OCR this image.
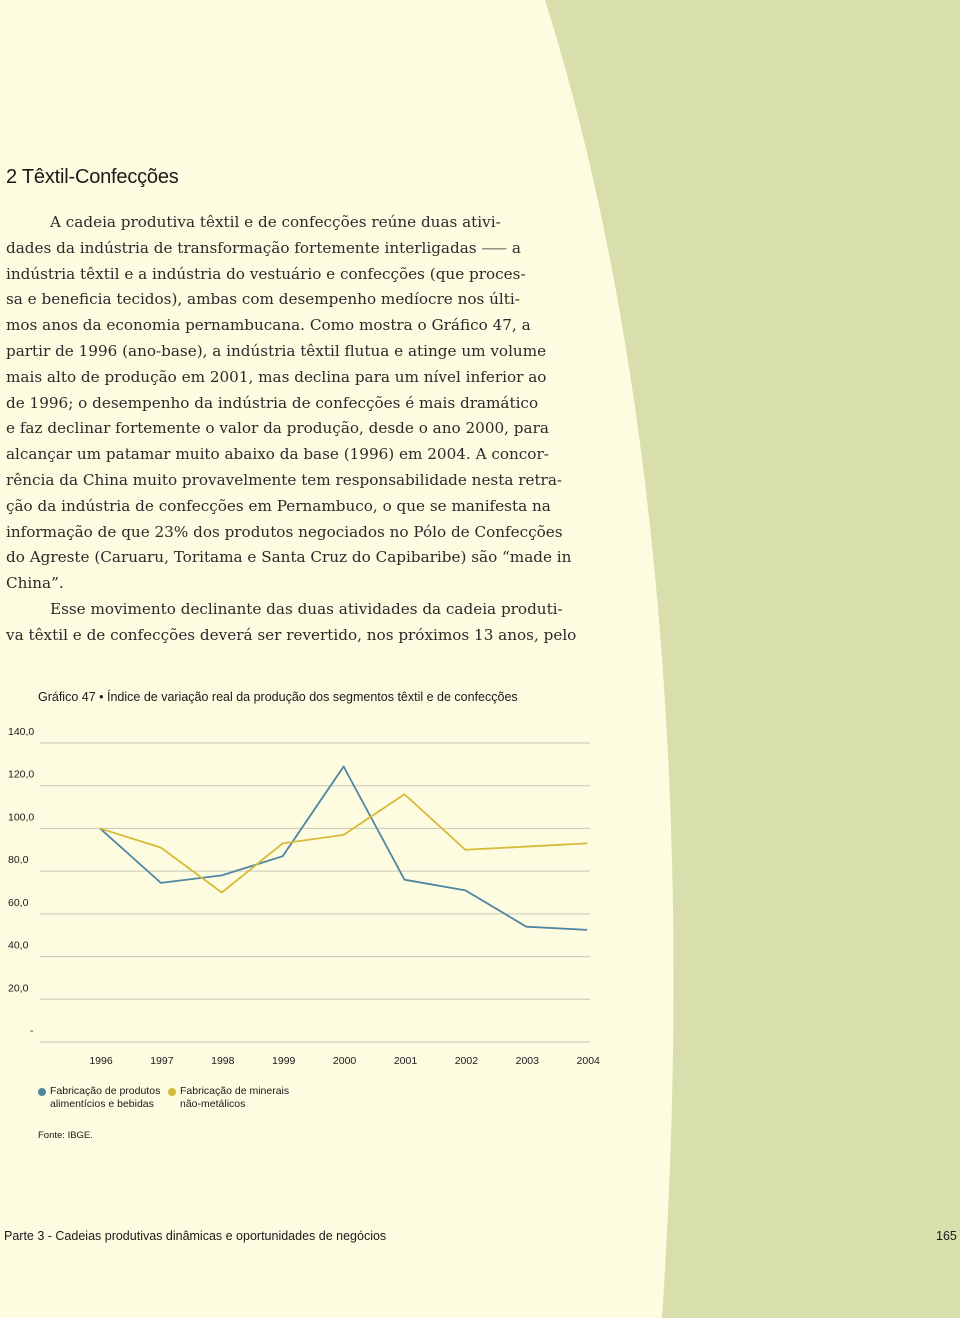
2 Têxtil-Confecções
A cadeia produtiva têxtil e de confecções reúne duas ativi-
dades da indústria de transformação fortemente interligadas ⸺ a
indústria têxtil e a indústria do vestuário e confecções (que proces-
sa e beneficia tecidos), ambas com desempenho medíocre nos últi-
mos anos da economia pernambucana. Como mostra o Gráfico 47, a
partir de 1996 (ano-base), a indústria têxtil flutua e atinge um volume
mais alto de produção em 2001, mas declina para um nível inferior ao
de 1996; o desempenho da indústria de confecções é mais dramático
e faz declinar fortemente o valor da produção, desde o ano 2000, para
alcançar um patamar muito abaixo da base (1996) em 2004. A concor-
rência da China muito provavelmente tem responsabilidade nesta retra-
ção da indústria de confecções em Pernambuco, o que se manifesta na
informação de que 23% dos produtos negociados no Pólo de Confecções
do Agreste (Caruaru, Toritama e Santa Cruz do Capibaribe) são “made in
China”.
Esse movimento declinante das duas atividades da cadeia produti-
va têxtil e de confecções deverá ser revertido, nos próximos 13 anos, pelo
Gráfico 47 • Índice de variação real da produção dos segmentos têxtil e de confecções
-
20,0
40,0
60,0
80,0
100,0
120,0
140,0
1996	1997	1998	1999	2000	2001	2002	2003	2004
Fabricação de produtos
alimentícios e bebidas
Fabricação de minerais
não-metálicos
Fonte: IBGE.
Parte 3 - Cadeias produtivas dinâmicas e oportunidades de negócios	165
